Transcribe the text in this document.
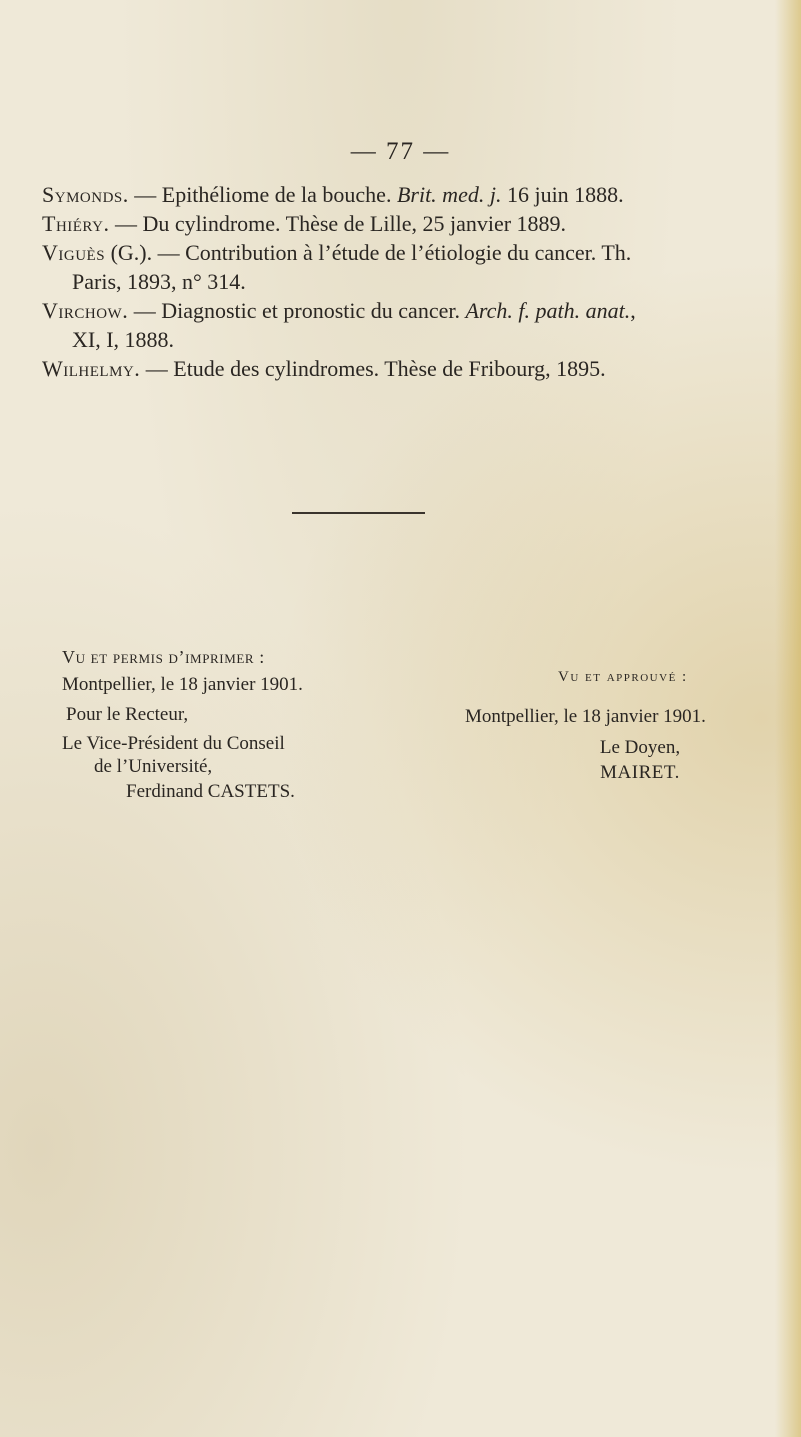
— 77 —

Symonds. — Epithéliome de la bouche. Brit. med. j. 16 juin 1888.

Thiéry. — Du cylindrome. Thèse de Lille, 25 janvier 1889.

Viguès (G.). — Contribution à l’étude de l’étiologie du cancer. Th.
Paris, 1893, n° 314.

Virchow. — Diagnostic et pronostic du cancer. Arch. f. path. anat.,
XI, I, 1888.

Wilhelmy. — Etude des cylindromes. Thèse de Fribourg, 1895.

Vu et permis d’imprimer :
Montpellier, le 18 janvier 1901.
Pour le Recteur,
Le Vice-Président du Conseil
de l’Université,
Ferdinand CASTETS.
Vu et approuvé :
Montpellier, le 18 janvier 1901.
Le Doyen,
MAIRET.
